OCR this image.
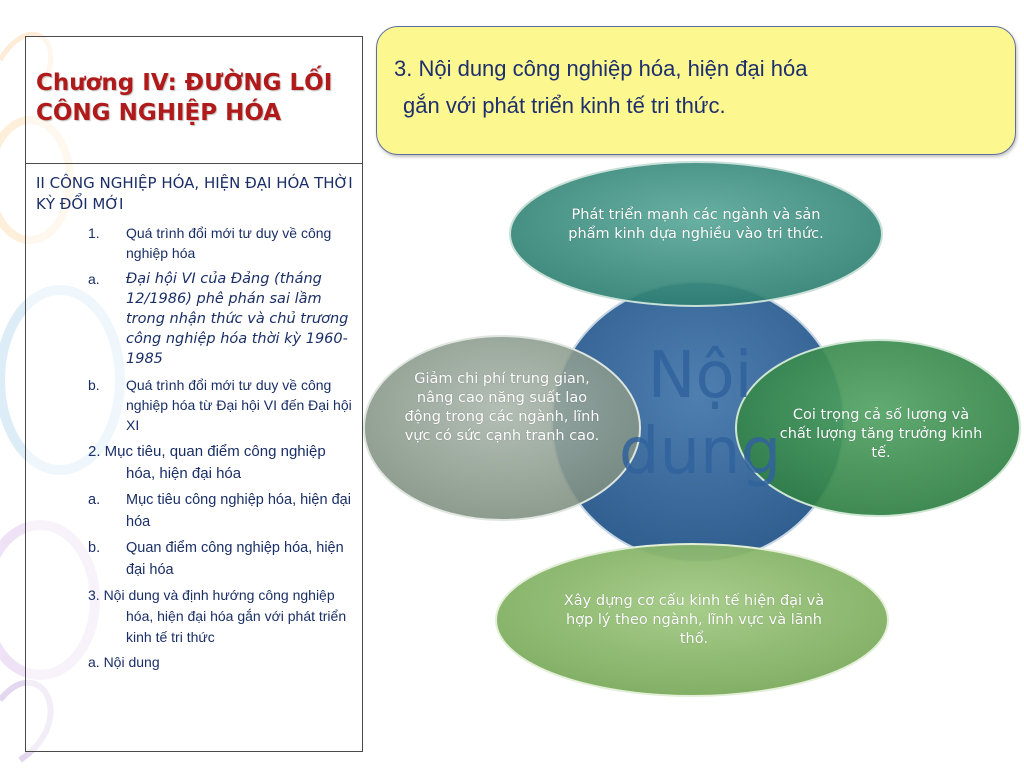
Chương IV: ĐƯỜNG LỐI CÔNG NGHIỆP HÓA
II CÔNG NGHIỆP HÓA, HIỆN ĐẠI HÓA THỜI KỲ ĐỔI MỚI
1.	Quá trình đổi mới tư duy về công nghiệp hóa
a.	Đại hội VI của Đảng (tháng 12/1986) phê phán sai lầm trong nhận thức và chủ trương công nghiệp hóa thời kỳ 1960-1985
b.	Quá trình đổi mới tư duy về công nghiệp hóa từ Đại hội VI đến Đại hội XI
2. Mục tiêu, quan điểm công nghiệp hóa, hiện đại hóa
a.	Mục tiêu công nghiệp hóa, hiện đại hóa
b.	Quan điểm công nghiệp hóa, hiện đại hóa
3. Nội dung và định hướng công nghiệp hóa, hiện đại hóa gắn với phát triển kinh tế tri thức
a. Nội dung
3. Nội dung công nghiệp hóa, hiện đại hóa
gắn với phát triển kinh tế tri thức.
Nội
dung
Phát triển mạnh các ngành và sản phẩm kinh dựa nghiều vào tri thức.
Giảm chi phí trung gian, nâng cao năng suất lao động trong các ngành, lĩnh vực có sức cạnh tranh cao.
Coi trọng cả số lượng và chất lượng tăng trưởng kinh tế.
Xây dựng cơ cấu kinh tế hiện đại và hợp lý theo ngành, lĩnh vực và lãnh thổ.
